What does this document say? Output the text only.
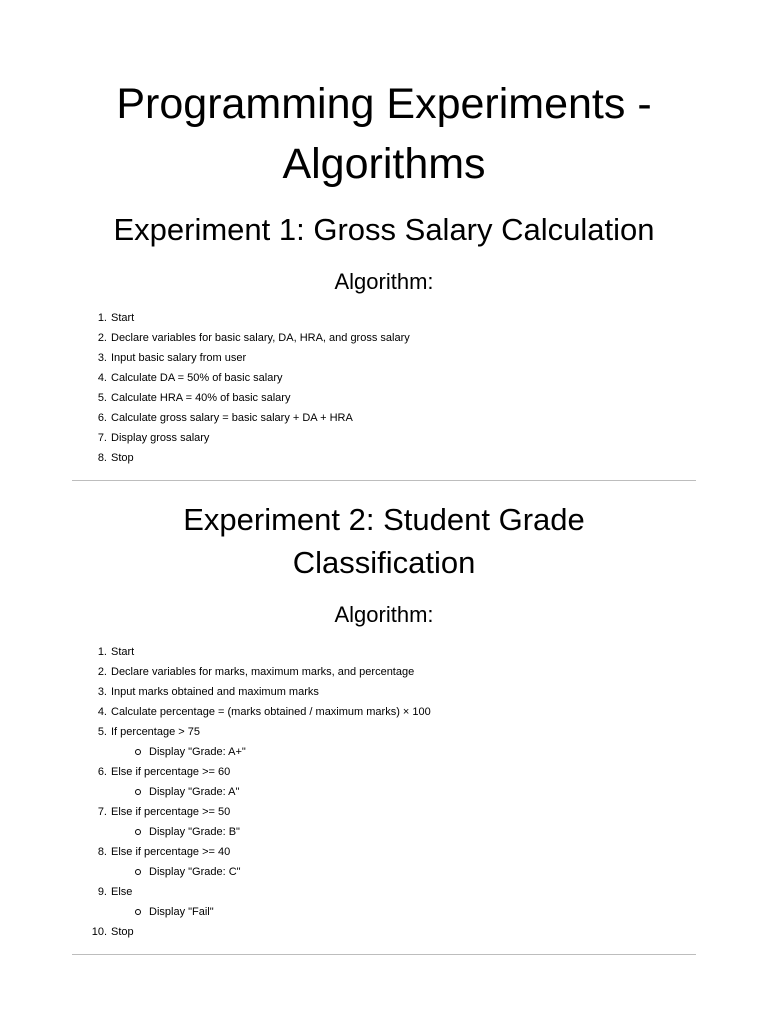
Programming Experiments -
Algorithms
Experiment 1: Gross Salary Calculation
Algorithm:
1. Start
2. Declare variables for basic salary, DA, HRA, and gross salary
3. Input basic salary from user
4. Calculate DA = 50% of basic salary
5. Calculate HRA = 40% of basic salary
6. Calculate gross salary = basic salary + DA + HRA
7. Display gross salary
8. Stop
Experiment 2: Student Grade
Classification
Algorithm:
1. Start
2. Declare variables for marks, maximum marks, and percentage
3. Input marks obtained and maximum marks
4. Calculate percentage = (marks obtained / maximum marks) × 100
5. If percentage > 75
Display "Grade: A+"
6. Else if percentage >= 60
Display "Grade: A"
7. Else if percentage >= 50
Display "Grade: B"
8. Else if percentage >= 40
Display "Grade: C"
9. Else
Display "Fail"
10. Stop
